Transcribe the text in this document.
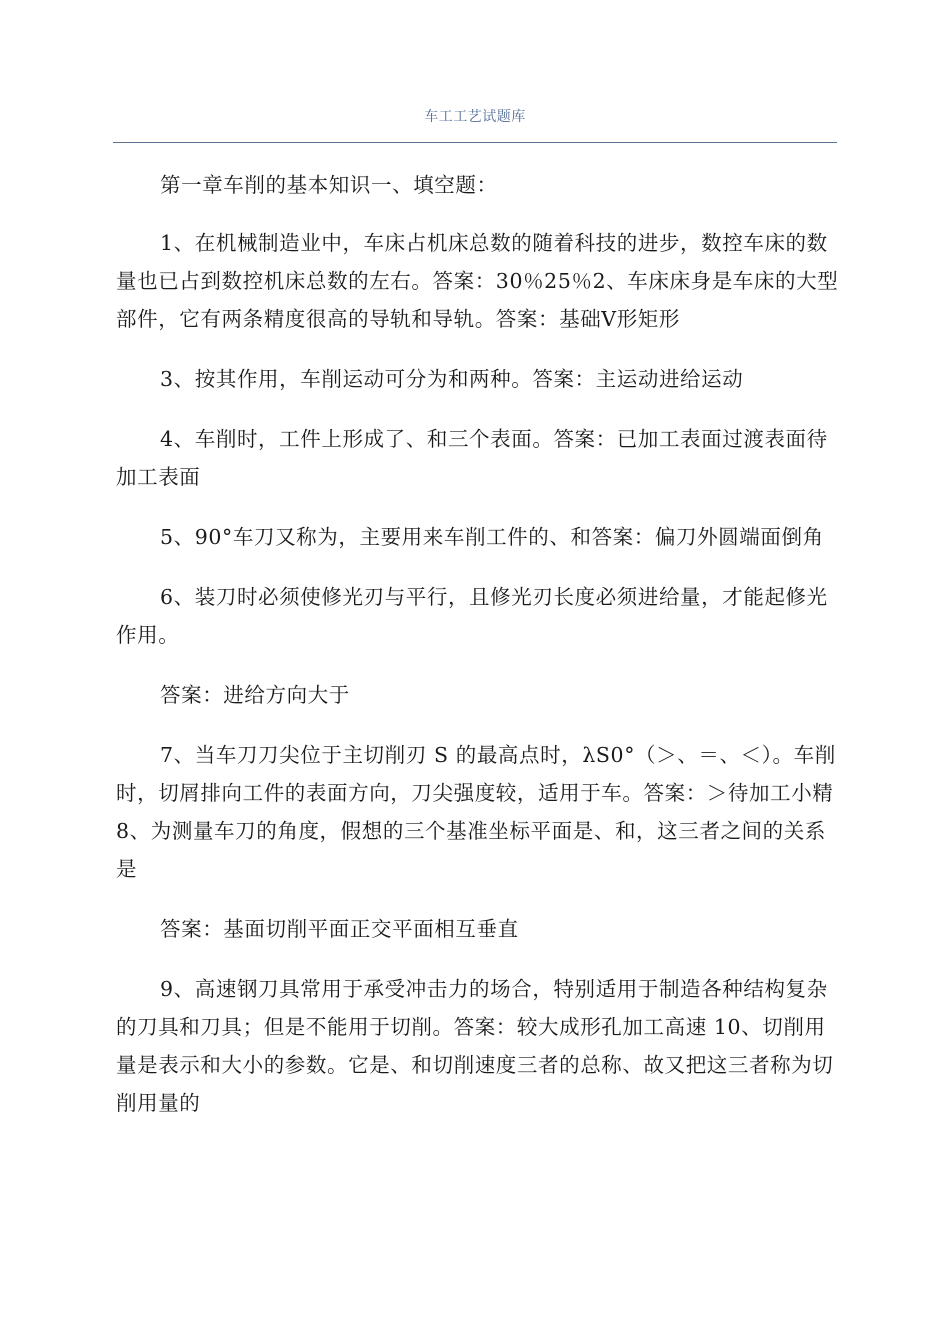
车工工艺试题库

第一章车削的基本知识一、填空题：

1、在机械制造业中，车床占机床总数的随着科技的进步，数控车床的数量也已占到数控机床总数的左右。答案：30％25％2、车床床身是车床的大型部件，它有两条精度很高的导轨和导轨。答案：基础V形矩形

3、按其作用，车削运动可分为和两种。答案：主运动进给运动

4、车削时，工件上形成了、和三个表面。答案：已加工表面过渡表面待加工表面

5、90°车刀又称为，主要用来车削工件的、和答案：偏刀外圆端面倒角

6、装刀时必须使修光刃与平行，且修光刃长度必须进给量，才能起修光作用。

答案：进给方向大于

7、当车刀刀尖位于主切削刃 S 的最高点时，λS0°（＞、＝、＜）。车削时，切屑排向工件的表面方向，刀尖强度较，适用于车。答案：＞待加工小精8、为测量车刀的角度，假想的三个基准坐标平面是、和，这三者之间的关系是

答案：基面切削平面正交平面相互垂直

9、高速钢刀具常用于承受冲击力的场合，特别适用于制造各种结构复杂的刀具和刀具；但是不能用于切削。答案：较大成形孔加工高速 10、切削用量是表示和大小的参数。它是、和切削速度三者的总称、故又把这三者称为切削用量的
